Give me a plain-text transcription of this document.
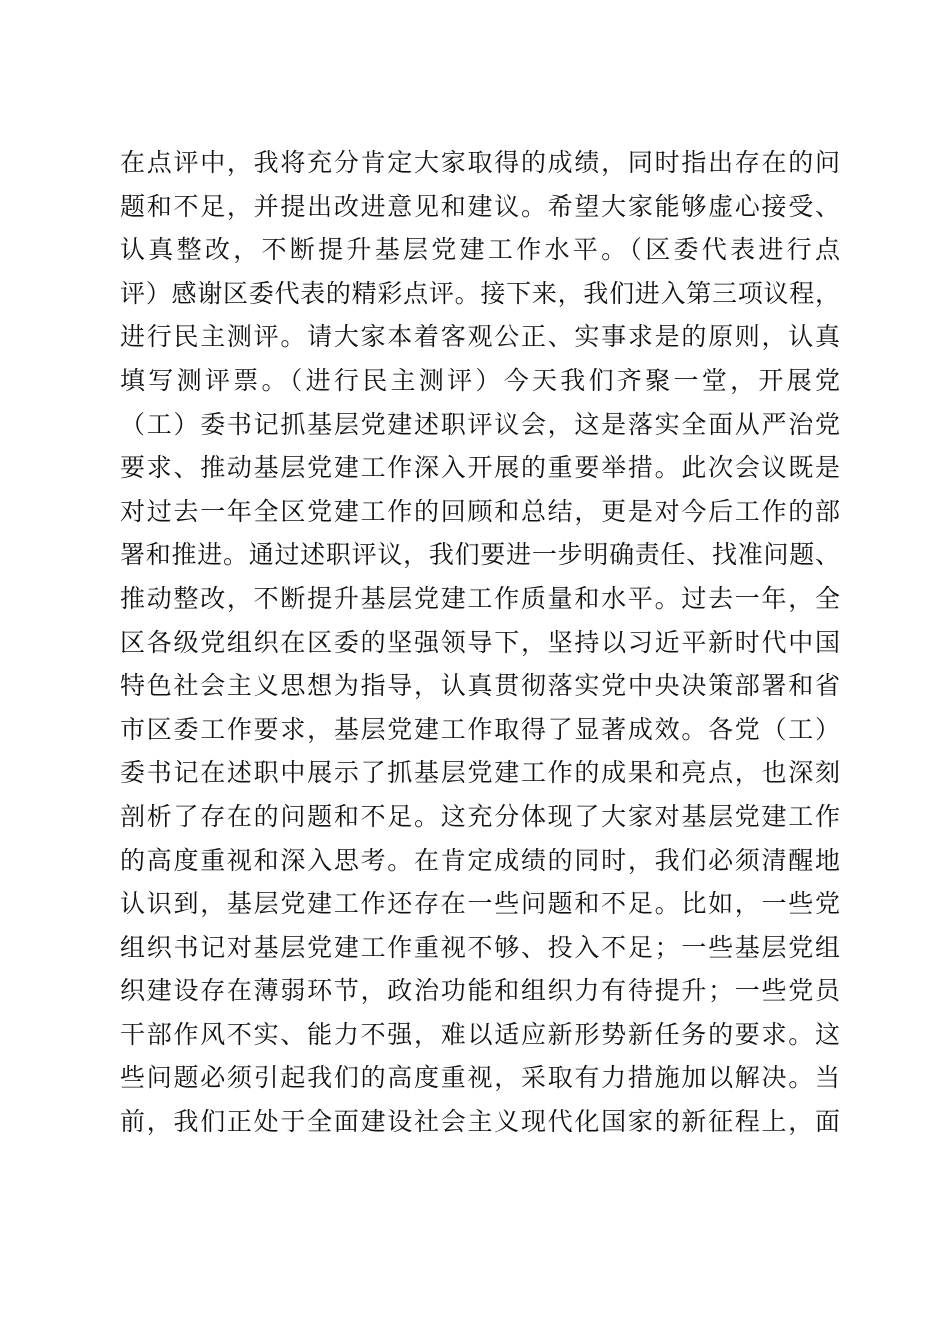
在点评中，我将充分肯定大家取得的成绩，同时指出存在的问
题和不足，并提出改进意见和建议。希望大家能够虚心接受、
认真整改，不断提升基层党建工作水平。（区委代表进行点
评）感谢区委代表的精彩点评。接下来，我们进入第三项议程，
进行民主测评。请大家本着客观公正、实事求是的原则，认真
填写测评票。（进行民主测评）今天我们齐聚一堂，开展党
（工）委书记抓基层党建述职评议会，这是落实全面从严治党
要求、推动基层党建工作深入开展的重要举措。此次会议既是
对过去一年全区党建工作的回顾和总结，更是对今后工作的部
署和推进。通过述职评议，我们要进一步明确责任、找准问题、
推动整改，不断提升基层党建工作质量和水平。过去一年，全
区各级党组织在区委的坚强领导下，坚持以习近平新时代中国
特色社会主义思想为指导，认真贯彻落实党中央决策部署和省
市区委工作要求，基层党建工作取得了显著成效。各党（工）
委书记在述职中展示了抓基层党建工作的成果和亮点，也深刻
剖析了存在的问题和不足。这充分体现了大家对基层党建工作
的高度重视和深入思考。在肯定成绩的同时，我们必须清醒地
认识到，基层党建工作还存在一些问题和不足。比如，一些党
组织书记对基层党建工作重视不够、投入不足；一些基层党组
织建设存在薄弱环节，政治功能和组织力有待提升；一些党员
干部作风不实、能力不强，难以适应新形势新任务的要求。这
些问题必须引起我们的高度重视，采取有力措施加以解决。当
前，我们正处于全面建设社会主义现代化国家的新征程上，面
